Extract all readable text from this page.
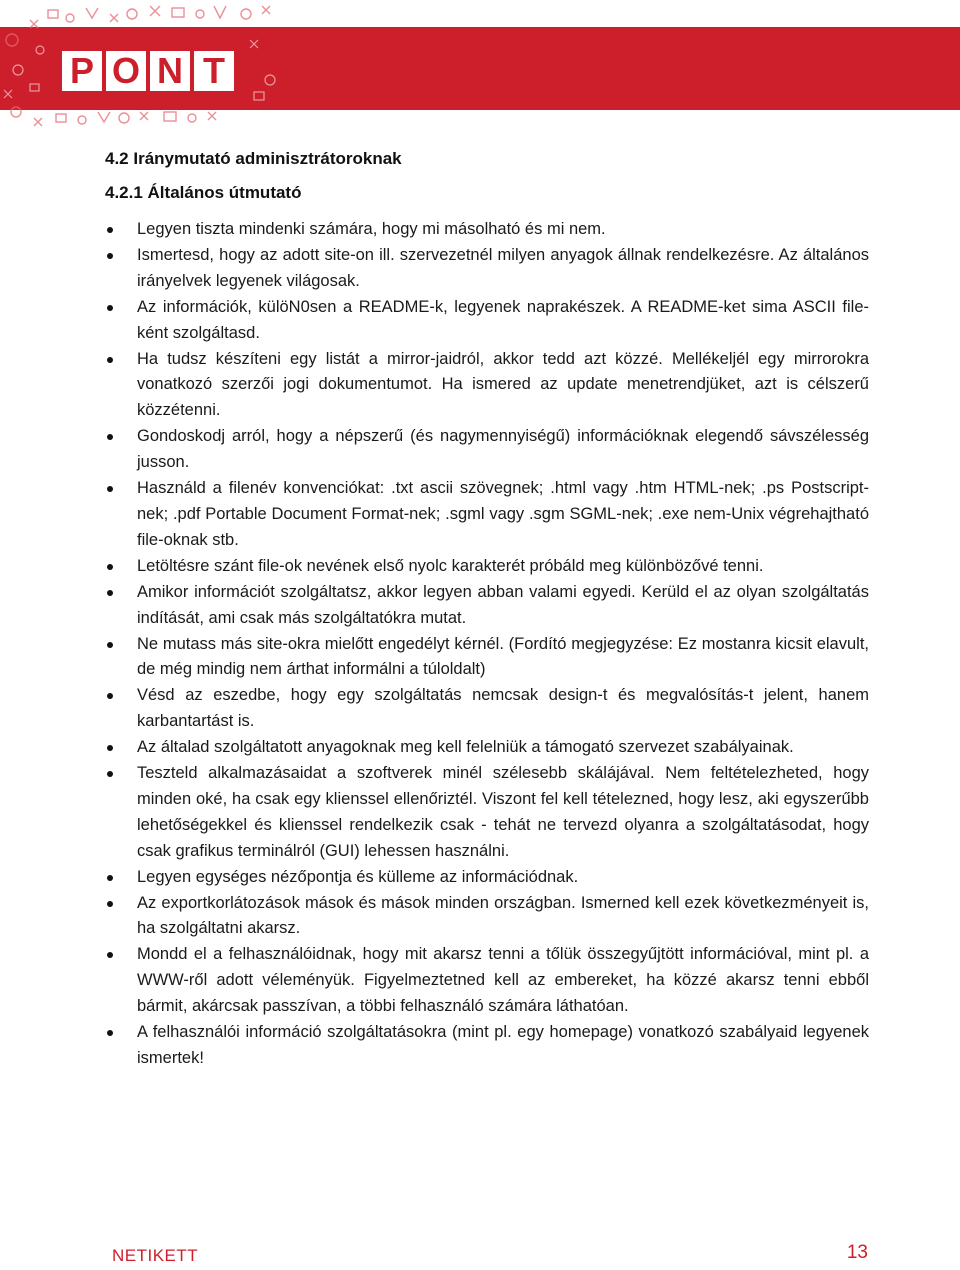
P O N T
4.2 Iránymutató adminisztrátoroknak
4.2.1 Általános útmutató
Legyen tiszta mindenki számára, hogy mi másolható és mi nem.
Ismertesd, hogy az adott site-on ill. szervezetnél milyen anyagok állnak rendelkezésre. Az általános irányelvek legyenek világosak.
Az információk, külöN0sen a README-k, legyenek naprakészek. A README-ket sima ASCII file-ként szolgáltasd.
Ha tudsz készíteni egy listát a mirror-jaidról, akkor tedd azt közzé. Mellékeljél egy mirrorokra vonatkozó szerzői jogi dokumentumot. Ha ismered az update menetrendjüket, azt is célszerű közzétenni.
Gondoskodj arról, hogy a népszerű (és nagymennyiségű) információknak elegendő sávszélesség jusson.
Használd a filenév konvenciókat: .txt ascii szövegnek; .html vagy .htm HTML-nek; .ps Postscript-nek; .pdf Portable Document Format-nek; .sgml vagy .sgm SGML-nek; .exe nem-Unix végrehajtható file-oknak stb.
Letöltésre szánt file-ok nevének első nyolc karakterét próbáld meg különbözővé tenni.
Amikor információt szolgáltatsz, akkor legyen abban valami egyedi. Kerüld el az olyan szolgáltatás indítását, ami csak más szolgáltatókra mutat.
Ne mutass más site-okra mielőtt engedélyt kérnél. (Fordító megjegyzése: Ez mostanra kicsit elavult, de még mindig nem árthat informálni a túloldalt)
Vésd az eszedbe, hogy egy szolgáltatás nemcsak design-t és megvalósítás-t jelent, hanem karbantartást is.
Az általad szolgáltatott anyagoknak meg kell felelniük a támogató szervezet szabályainak.
Teszteld alkalmazásaidat a szoftverek minél szélesebb skálájával. Nem feltételezheted, hogy minden oké, ha csak egy klienssel ellenőriztél. Viszont fel kell tételezned, hogy lesz, aki egyszerűbb lehetőségekkel és klienssel rendelkezik csak - tehát ne tervezd olyanra a szolgáltatásodat, hogy csak grafikus terminálról (GUI) lehessen használni.
Legyen egységes nézőpontja és külleme az információdnak.
Az exportkorlátozások mások és mások minden országban. Ismerned kell ezek következményeit is, ha szolgáltatni akarsz.
Mondd el a felhasználóidnak, hogy mit akarsz tenni a tőlük összegyűjtött információval, mint pl. a WWW-ről adott véleményük. Figyelmeztetned kell az embereket, ha közzé akarsz tenni ebből bármit, akárcsak passzívan, a többi felhasználó számára láthatóan.
A felhasználói információ szolgáltatásokra (mint pl. egy homepage) vonatkozó szabályaid legyenek ismertek!
NETIKETT	13
